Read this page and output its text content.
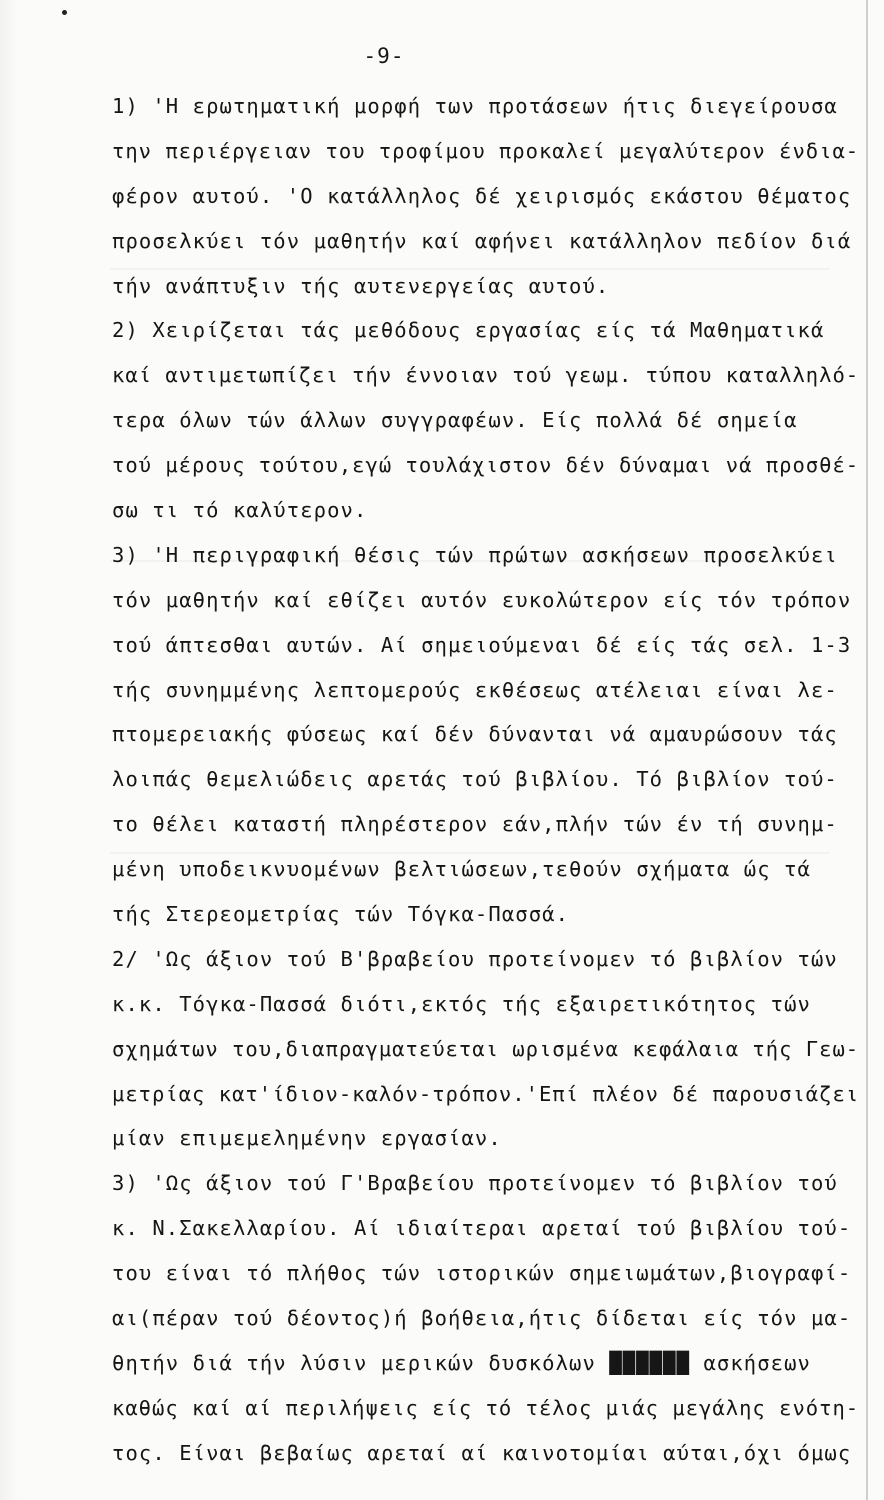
-9-
1) 'Η ερωτηματική μορφή των προτάσεων ήτις διεγείρουσα
την περιέργειαν του τροφίμου προκαλεί μεγαλύτερον ένδια-
φέρον αυτού. 'Ο κατάλληλος δέ χειρισμός εκάστου θέματος
προσελκύει τόν μαθητήν καί αφήνει κατάλληλον πεδίον διά
τήν ανάπτυξιν τής αυτενεργείας αυτού.
2) Χειρίζεται τάς μεθόδους εργασίας είς τά Μαθηματικά
καί αντιμετωπίζει τήν έννοιαν τού γεωμ. τύπου καταλληλό-
τερα όλων τών άλλων συγγραφέων. Είς πολλά δέ σημεία
τού μέρους τούτου,εγώ τουλάχιστον δέν δύναμαι νά προσθέ-
σω τι τό καλύτερον.
3) 'Η περιγραφική θέσις τών πρώτων ασκήσεων προσελκύει
τόν μαθητήν καί εθίζει αυτόν ευκολώτερον είς τόν τρόπον
τού άπτεσθαι αυτών. Αί σημειούμεναι δέ είς τάς σελ. 1-3
τής συνημμένης λεπτομερούς εκθέσεως ατέλειαι είναι λε-
πτομερειακής φύσεως καί δέν δύνανται νά αμαυρώσουν τάς
λοιπάς θεμελιώδεις αρετάς τού βιβλίου. Τό βιβλίον τού-
το θέλει καταστή πληρέστερον εάν,πλήν τών έν τή συνημ-
μένη υποδεικνυομένων βελτιώσεων,τεθούν σχήματα ώς τά
τής Στερεομετρίας τών Τόγκα-Πασσά.
2/ 'Ως άξιον τού Β'βραβείου προτείνομεν τό βιβλίον τών
κ.κ. Τόγκα-Πασσά διότι,εκτός τής εξαιρετικότητος τών
σχημάτων του,διαπραγματεύεται ωρισμένα κεφάλαια τής Γεω-
μετρίας κατ'ίδιον-καλόν-τρόπον.'Επί πλέον δέ παρουσιάζει
μίαν επιμεμελημένην εργασίαν.
3) 'Ως άξιον τού Γ'Βραβείου προτείνομεν τό βιβλίον τού
κ. Ν.Σακελλαρίου. Αί ιδιαίτεραι αρεταί τού βιβλίου τού-
του είναι τό πλήθος τών ιστορικών σημειωμάτων,βιογραφί-
αι(πέραν τού δέοντος)ή βοήθεια,ήτις δίδεται είς τόν μα-
θητήν διά τήν λύσιν μερικών δυσκόλων ██████ ασκήσεων
καθώς καί αί περιλήψεις είς τό τέλος μιάς μεγάλης ενότη-
τος. Είναι βεβαίως αρεταί αί καινοτομίαι αύται,όχι όμως
